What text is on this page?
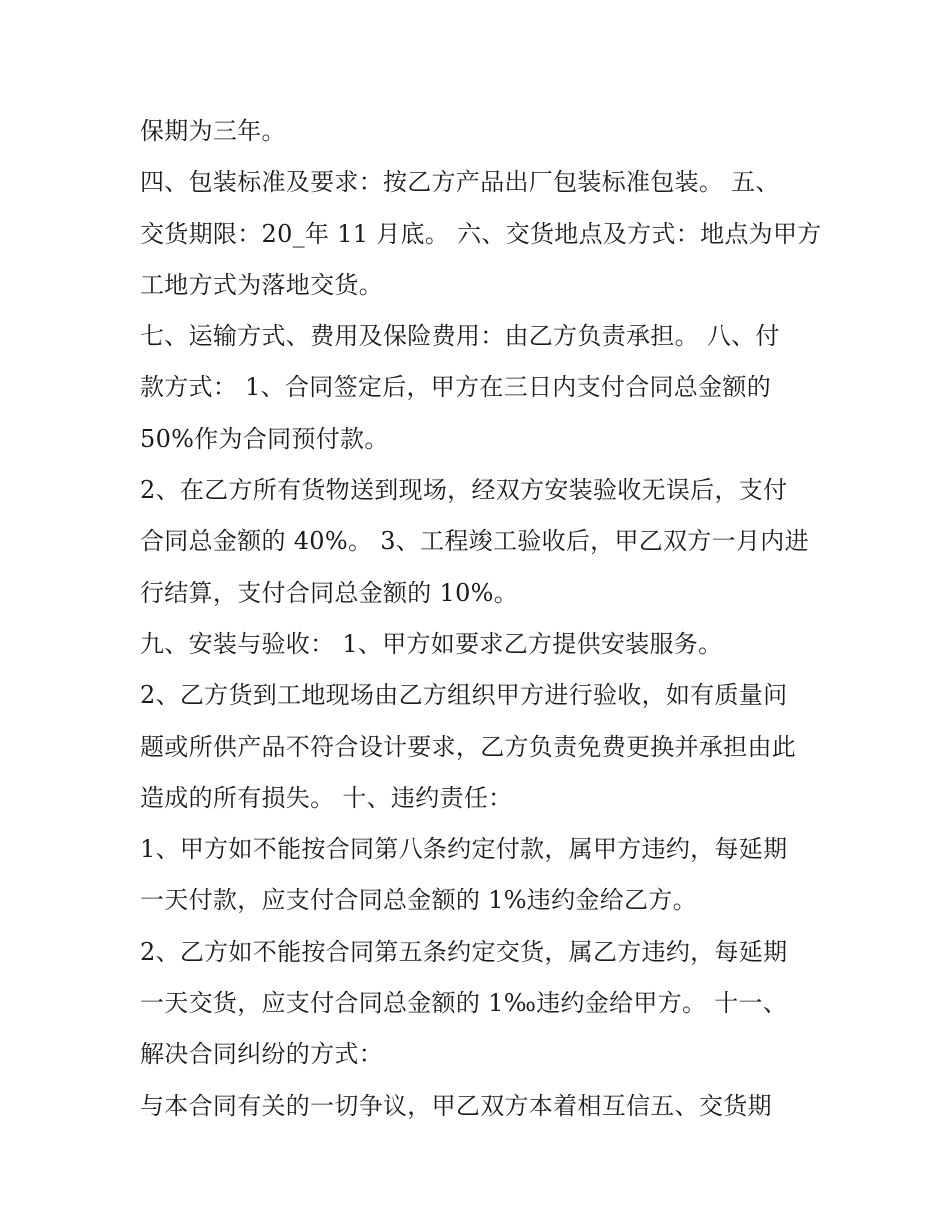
保期为三年。
四、包装标准及要求：按乙方产品出厂包装标准包装。 五、
交货期限：20_年 11 月底。 六、交货地点及方式：地点为甲方
工地方式为落地交货。
七、运输方式、费用及保险费用：由乙方负责承担。 八、付
款方式： 1、合同签定后，甲方在三日内支付合同总金额的
50%作为合同预付款。
2、在乙方所有货物送到现场，经双方安装验收无误后，支付
合同总金额的 40%。 3、工程竣工验收后，甲乙双方一月内进
行结算，支付合同总金额的 10%。
九、安装与验收： 1、甲方如要求乙方提供安装服务。
2、乙方货到工地现场由乙方组织甲方进行验收，如有质量问
题或所供产品不符合设计要求，乙方负责免费更换并承担由此
造成的所有损失。 十、违约责任：
1、甲方如不能按合同第八条约定付款，属甲方违约，每延期
一天付款，应支付合同总金额的 1%违约金给乙方。
2、乙方如不能按合同第五条约定交货，属乙方违约，每延期
一天交货，应支付合同总金额的 1‰违约金给甲方。 十一、
解决合同纠纷的方式：
与本合同有关的一切争议，甲乙双方本着相互信五、交货期
